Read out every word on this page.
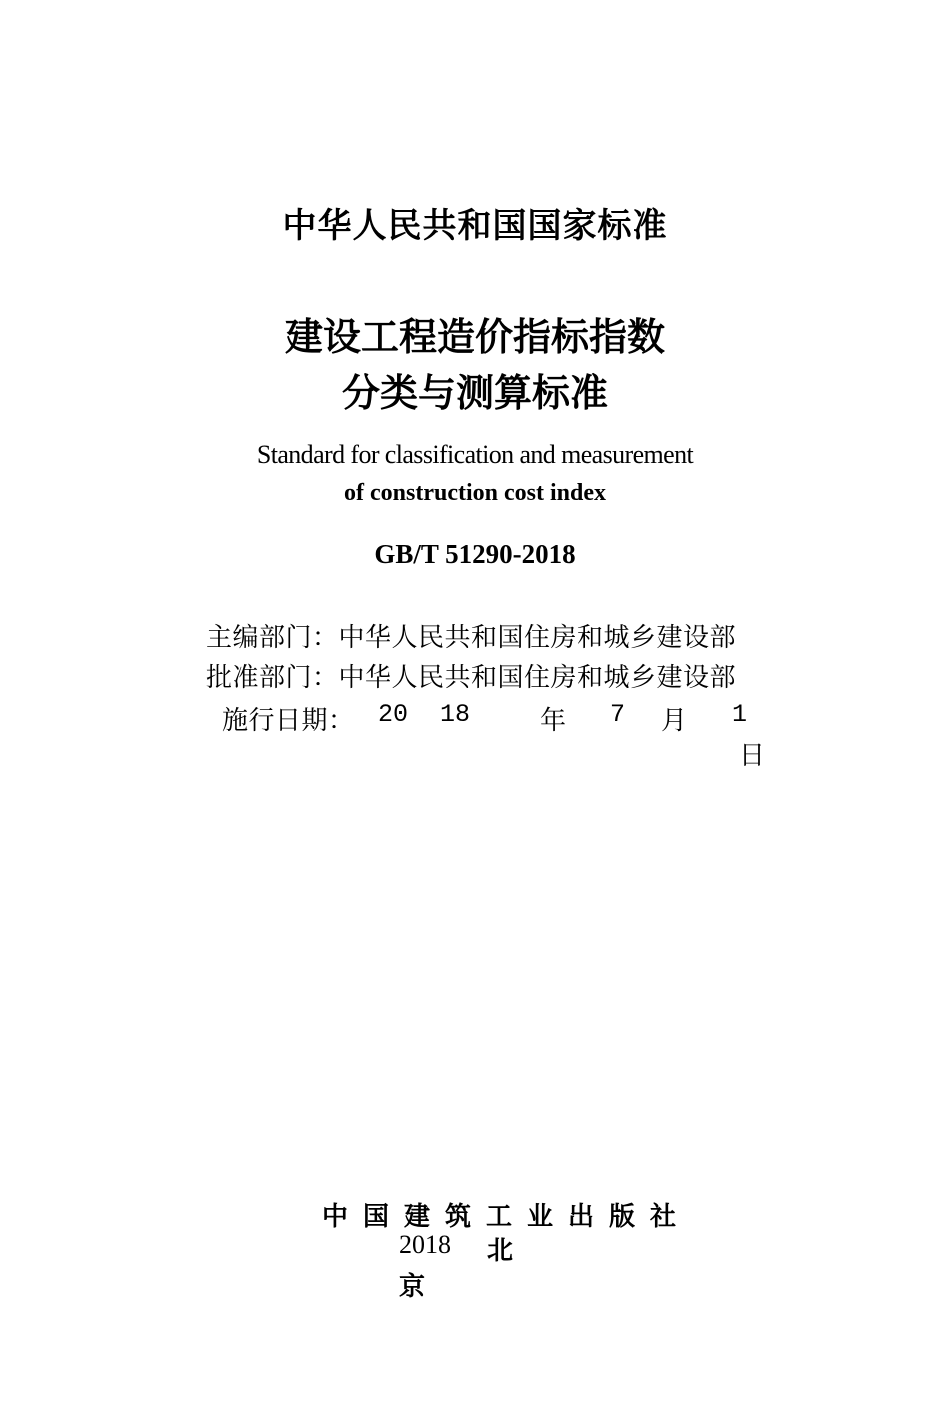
中华人民共和国国家标准
建设工程造价指标指数
分类与测算标准
Standard for classification and measurement
of construction cost index
GB/T 51290-2018
主编部门：中华人民共和国住房和城乡建设部
批准部门：中华人民共和国住房和城乡建设部
施行日期： 20 18	年 7 月 1
日
中国建筑工业出版社
2018 北
京
